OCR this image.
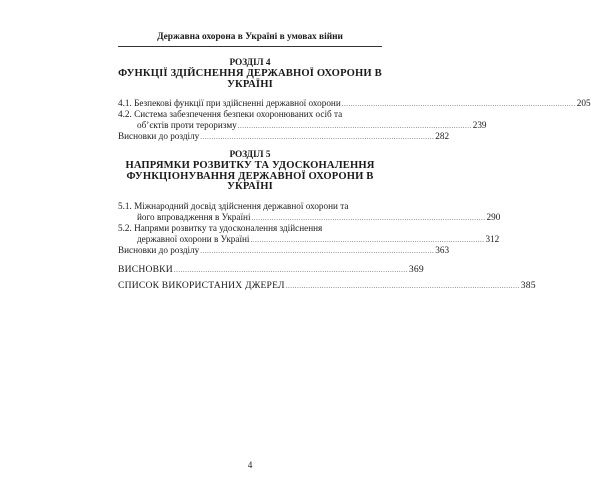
Державна охорона в Україні в умовах війни
РОЗДІЛ 4
ФУНКЦІЇ ЗДІЙСНЕННЯ ДЕРЖАВНОЇ ОХОРОНИ В
УКРАЇНІ
4.1. Безпекові функції при здійсненні державної охорони ........................................................................................................ 205
4.2. Система забезпечення безпеки охоронюваних осіб та
об’єктів проти тероризму ........................................................................................................ 239
Висновки до розділу ........................................................................................................ 282
РОЗДІЛ 5
НАПРЯМКИ РОЗВИТКУ ТА УДОСКОНАЛЕННЯ
ФУНКЦІОНУВАННЯ ДЕРЖАВНОЇ ОХОРОНИ В
УКРАЇНІ
5.1. Міжнародний досвід здійснення державної охорони та
його впровадження в Україні ........................................................................................................ 290
5.2. Напрями розвитку та удосконалення здійснення
державної охорони в Україні ........................................................................................................ 312
Висновки до розділу ........................................................................................................ 363
ВИСНОВКИ ........................................................................................................ 369
СПИСОК ВИКОРИСТАНИХ ДЖЕРЕЛ ........................................................................................................ 385
4
